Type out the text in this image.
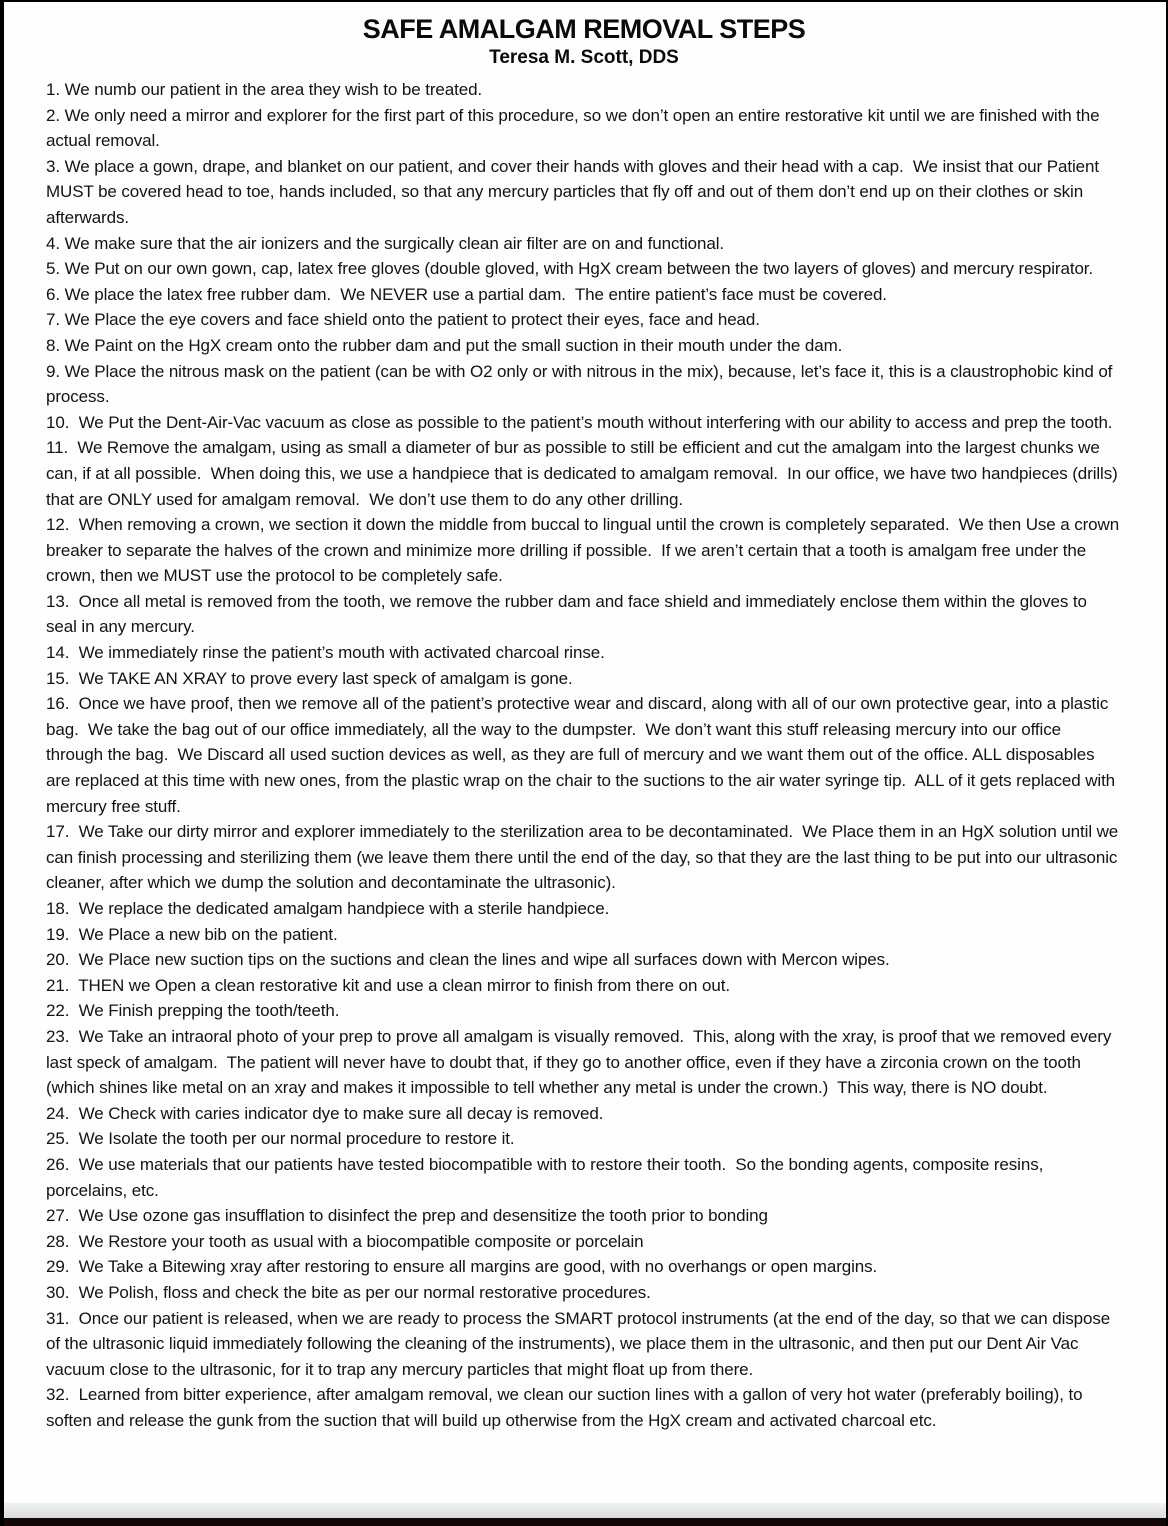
SAFE AMALGAM REMOVAL STEPS
Teresa M. Scott, DDS

1. We numb our patient in the area they wish to be treated.

2. We only need a mirror and explorer for the first part of this procedure, so we don’t open an entire restorative kit until we are finished with the actual removal.

3. We place a gown, drape, and blanket on our patient, and cover their hands with gloves and their head with a cap.  We insist that our Patient MUST be covered head to toe, hands included, so that any mercury particles that fly off and out of them don’t end up on their clothes or skin afterwards.

4. We make sure that the air ionizers and the surgically clean air filter are on and functional.

5. We Put on our own gown, cap, latex free gloves (double gloved, with HgX cream between the two layers of gloves) and mercury respirator.

6. We place the latex free rubber dam.  We NEVER use a partial dam.  The entire patient’s face must be covered.

7. We Place the eye covers and face shield onto the patient to protect their eyes, face and head.

8. We Paint on the HgX cream onto the rubber dam and put the small suction in their mouth under the dam.

9. We Place the nitrous mask on the patient (can be with O2 only or with nitrous in the mix), because, let’s face it, this is a claustrophobic kind of process.

10.  We Put the Dent-Air-Vac vacuum as close as possible to the patient’s mouth without interfering with our ability to access and prep the tooth.

11.  We Remove the amalgam, using as small a diameter of bur as possible to still be efficient and cut the amalgam into the largest chunks we can, if at all possible.  When doing this, we use a handpiece that is dedicated to amalgam removal.  In our office, we have two handpieces (drills) that are ONLY used for amalgam removal.  We don’t use them to do any other drilling.

12.  When removing a crown, we section it down the middle from buccal to lingual until the crown is completely separated.  We then Use a crown breaker to separate the halves of the crown and minimize more drilling if possible.  If we aren’t certain that a tooth is amalgam free under the crown, then we MUST use the protocol to be completely safe.

13.  Once all metal is removed from the tooth, we remove the rubber dam and face shield and immediately enclose them within the gloves to seal in any mercury.

14.  We immediately rinse the patient’s mouth with activated charcoal rinse.

15.  We TAKE AN XRAY to prove every last speck of amalgam is gone.

16.  Once we have proof, then we remove all of the patient’s protective wear and discard, along with all of our own protective gear, into a plastic bag.  We take the bag out of our office immediately, all the way to the dumpster.  We don’t want this stuff releasing mercury into our office through the bag.  We Discard all used suction devices as well, as they are full of mercury and we want them out of the office. ALL disposables are replaced at this time with new ones, from the plastic wrap on the chair to the suctions to the air water syringe tip.  ALL of it gets replaced with mercury free stuff.

17.  We Take our dirty mirror and explorer immediately to the sterilization area to be decontaminated.  We Place them in an HgX solution until we can finish processing and sterilizing them (we leave them there until the end of the day, so that they are the last thing to be put into our ultrasonic cleaner, after which we dump the solution and decontaminate the ultrasonic).

18.  We replace the dedicated amalgam handpiece with a sterile handpiece.

19.  We Place a new bib on the patient.

20.  We Place new suction tips on the suctions and clean the lines and wipe all surfaces down with Mercon wipes.

21.  THEN we Open a clean restorative kit and use a clean mirror to finish from there on out.

22.  We Finish prepping the tooth/teeth.

23.  We Take an intraoral photo of your prep to prove all amalgam is visually removed.  This, along with the xray, is proof that we removed every last speck of amalgam.  The patient will never have to doubt that, if they go to another office, even if they have a zirconia crown on the tooth (which shines like metal on an xray and makes it impossible to tell whether any metal is under the crown.)  This way, there is NO doubt.

24.  We Check with caries indicator dye to make sure all decay is removed.

25.  We Isolate the tooth per our normal procedure to restore it.

26.  We use materials that our patients have tested biocompatible with to restore their tooth.  So the bonding agents, composite resins, porcelains, etc.

27.  We Use ozone gas insufflation to disinfect the prep and desensitize the tooth prior to bonding

28.  We Restore your tooth as usual with a biocompatible composite or porcelain

29.  We Take a Bitewing xray after restoring to ensure all margins are good, with no overhangs or open margins.

30.  We Polish, floss and check the bite as per our normal restorative procedures.

31.  Once our patient is released, when we are ready to process the SMART protocol instruments (at the end of the day, so that we can dispose of the ultrasonic liquid immediately following the cleaning of the instruments), we place them in the ultrasonic, and then put our Dent Air Vac vacuum close to the ultrasonic, for it to trap any mercury particles that might float up from there.

32.  Learned from bitter experience, after amalgam removal, we clean our suction lines with a gallon of very hot water (preferably boiling), to soften and release the gunk from the suction that will build up otherwise from the HgX cream and activated charcoal etc.
